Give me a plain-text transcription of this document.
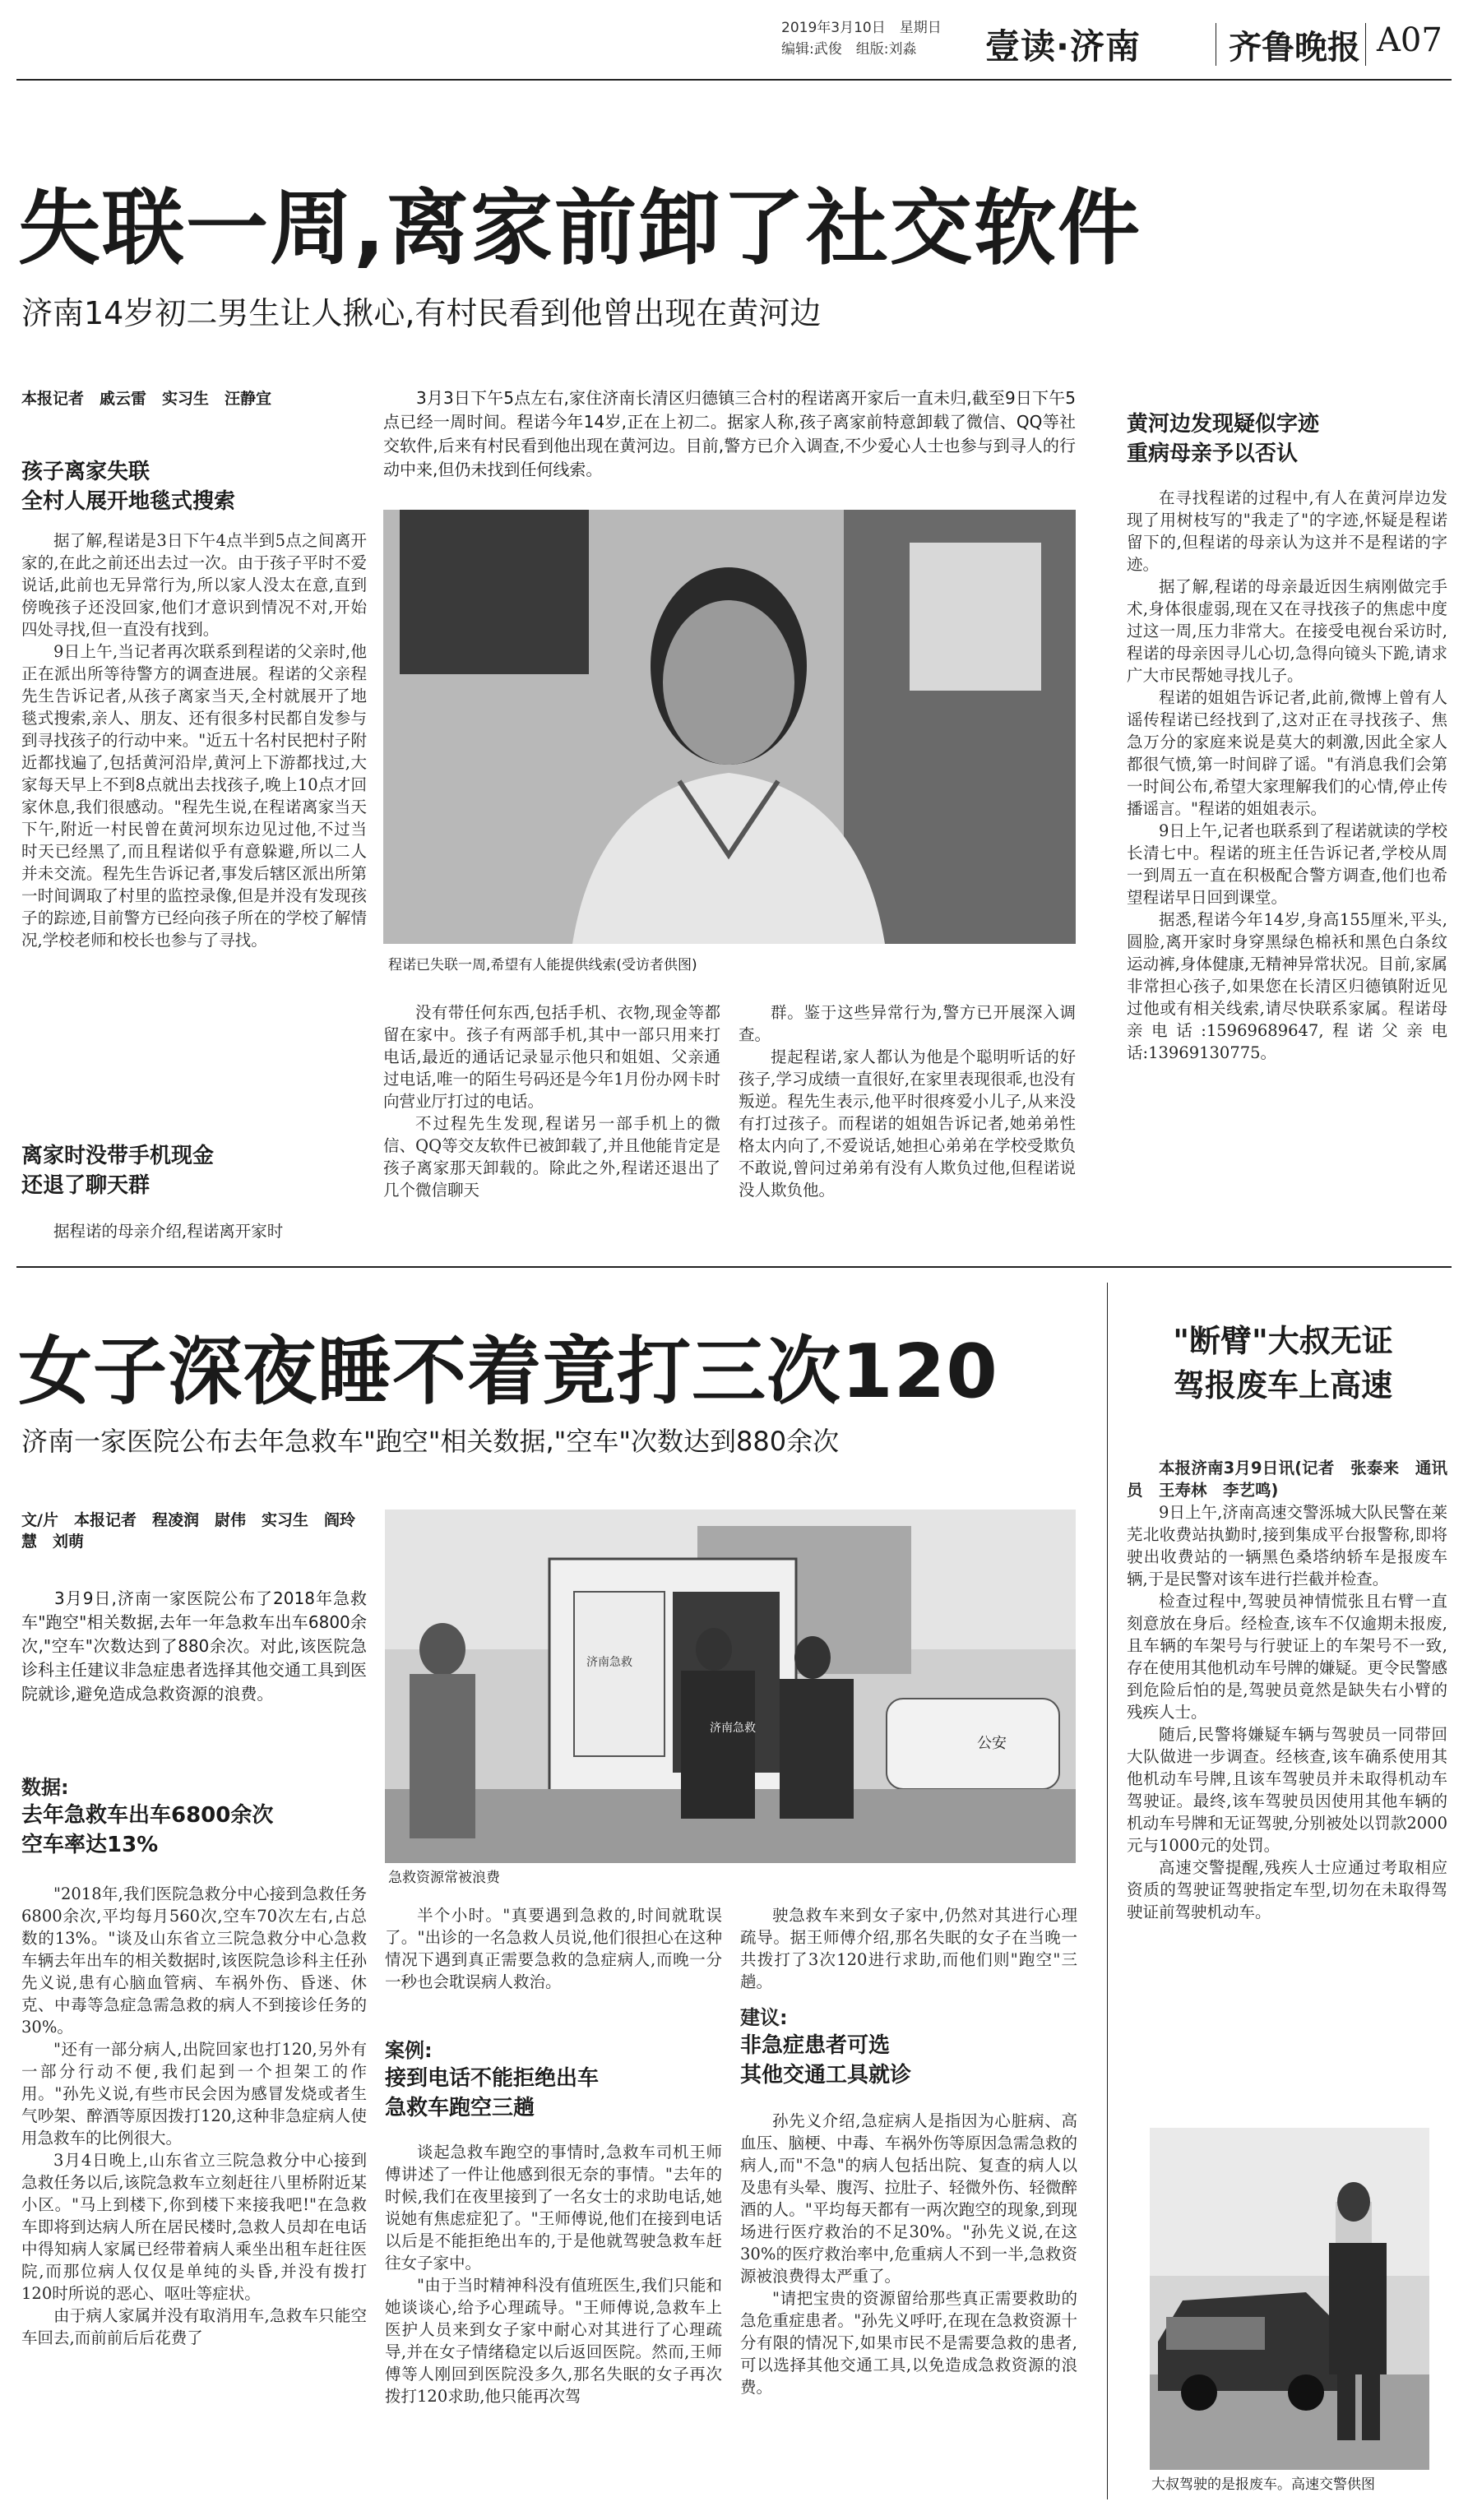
2019年3月10日　星期日
编辑:武俊　组版:刘淼 壹读·济南	齐鲁晚报 A07
失联一周,离家前卸了社交软件
济南14岁初二男生让人揪心,有村民看到他曾出现在黄河边
本报记者　戚云雷　实习生　汪静宜
孩子离家失联
全村人展开地毯式搜索

据了解,程诺是3日下午4点半到5点之间离开家的,在此之前还出去过一次。由于孩子平时不爱说话,此前也无异常行为,所以家人没太在意,直到傍晚孩子还没回家,他们才意识到情况不对,开始四处寻找,但一直没有找到。

9日上午,当记者再次联系到程诺的父亲时,他正在派出所等待警方的调查进展。程诺的父亲程先生告诉记者,从孩子离家当天,全村就展开了地毯式搜索,亲人、朋友、还有很多村民都自发参与到寻找孩子的行动中来。"近五十名村民把村子附近都找遍了,包括黄河沿岸,黄河上下游都找过,大家每天早上不到8点就出去找孩子,晚上10点才回家休息,我们很感动。"程先生说,在程诺离家当天下午,附近一村民曾在黄河坝东边见过他,不过当时天已经黑了,而且程诺似乎有意躲避,所以二人并未交流。程先生告诉记者,事发后辖区派出所第一时间调取了村里的监控录像,但是并没有发现孩子的踪迹,目前警方已经向孩子所在的学校了解情况,学校老师和校长也参与了寻找。

离家时没带手机现金
还退了聊天群

据程诺的母亲介绍,程诺离开家时

3月3日下午5点左右,家住济南长清区归德镇三合村的程诺离开家后一直未归,截至9日下午5点已经一周时间。程诺今年14岁,正在上初二。据家人称,孩子离家前特意卸载了微信、QQ等社交软件,后来有村民看到他出现在黄河边。目前,警方已介入调查,不少爱心人士也参与到寻人的行动中来,但仍未找到任何线索。

程诺已失联一周,希望有人能提供线索(受访者供图)

没有带任何东西,包括手机、衣物,现金等都留在家中。孩子有两部手机,其中一部只用来打电话,最近的通话记录显示他只和姐姐、父亲通过电话,唯一的陌生号码还是今年1月份办网卡时向营业厅打过的电话。

不过程先生发现,程诺另一部手机上的微信、QQ等交友软件已被卸载了,并且他能肯定是孩子离家那天卸载的。除此之外,程诺还退出了几个微信聊天

群。鉴于这些异常行为,警方已开展深入调查。

提起程诺,家人都认为他是个聪明听话的好孩子,学习成绩一直很好,在家里表现很乖,也没有叛逆。程先生表示,他平时很疼爱小儿子,从来没有打过孩子。而程诺的姐姐告诉记者,她弟弟性格太内向了,不爱说话,她担心弟弟在学校受欺负不敢说,曾问过弟弟有没有人欺负过他,但程诺说没人欺负他。

黄河边发现疑似字迹
重病母亲予以否认

在寻找程诺的过程中,有人在黄河岸边发现了用树枝写的"我走了"的字迹,怀疑是程诺留下的,但程诺的母亲认为这并不是程诺的字迹。

据了解,程诺的母亲最近因生病刚做完手术,身体很虚弱,现在又在寻找孩子的焦虑中度过这一周,压力非常大。在接受电视台采访时,程诺的母亲因寻儿心切,急得向镜头下跪,请求广大市民帮她寻找儿子。

程诺的姐姐告诉记者,此前,微博上曾有人谣传程诺已经找到了,这对正在寻找孩子、焦急万分的家庭来说是莫大的刺激,因此全家人都很气愤,第一时间辟了谣。"有消息我们会第一时间公布,希望大家理解我们的心情,停止传播谣言。"程诺的姐姐表示。

9日上午,记者也联系到了程诺就读的学校长清七中。程诺的班主任告诉记者,学校从周一到周五一直在积极配合警方调查,他们也希望程诺早日回到课堂。

据悉,程诺今年14岁,身高155厘米,平头,圆脸,离开家时身穿黑绿色棉袄和黑色白条纹运动裤,身体健康,无精神异常状况。目前,家属非常担心孩子,如果您在长清区归德镇附近见过他或有相关线索,请尽快联系家属。程诺母亲电话:15969689647,程诺父亲电话:13969130775。

女子深夜睡不着竟打三次120
济南一家医院公布去年急救车"跑空"相关数据,"空车"次数达到880余次
文/片　本报记者　程凌润　尉伟　实习生　阎玲慧　刘萌

3月9日,济南一家医院公布了2018年急救车"跑空"相关数据,去年一年急救车出车6800余次,"空车"次数达到了880余次。对此,该医院急诊科主任建议非急症患者选择其他交通工具到医院就诊,避免造成急救资源的浪费。

济南急救
济南急救
公安
急救资源常被浪费
数据:
去年急救车出车6800余次
空车率达13%

"2018年,我们医院急救分中心接到急救任务6800余次,平均每月560次,空车70次左右,占总数的13%。"谈及山东省立三院急救分中心急救车辆去年出车的相关数据时,该医院急诊科主任孙先义说,患有心脑血管病、车祸外伤、昏迷、休克、中毒等急症急需急救的病人不到接诊任务的30%。

"还有一部分病人,出院回家也打120,另外有一部分行动不便,我们起到一个担架工的作用。"孙先义说,有些市民会因为感冒发烧或者生气吵架、醉酒等原因拨打120,这种非急症病人使用急救车的比例很大。

3月4日晚上,山东省立三院急救分中心接到急救任务以后,该院急救车立刻赶往八里桥附近某小区。"马上到楼下,你到楼下来接我吧!"在急救车即将到达病人所在居民楼时,急救人员却在电话中得知病人家属已经带着病人乘坐出租车赶往医院,而那位病人仅仅是单纯的头昏,并没有拨打120时所说的恶心、呕吐等症状。

由于病人家属并没有取消用车,急救车只能空车回去,而前前后后花费了

半个小时。"真要遇到急救的,时间就耽误了。"出诊的一名急救人员说,他们很担心在这种情况下遇到真正需要急救的急症病人,而晚一分一秒也会耽误病人救治。

案例:
接到电话不能拒绝出车
急救车跑空三趟

谈起急救车跑空的事情时,急救车司机王师傅讲述了一件让他感到很无奈的事情。"去年的时候,我们在夜里接到了一名女士的求助电话,她说她有焦虑症犯了。"王师傅说,他们在接到电话以后是不能拒绝出车的,于是他就驾驶急救车赶往女子家中。

"由于当时精神科没有值班医生,我们只能和她谈谈心,给予心理疏导。"王师傅说,急救车上医护人员来到女子家中耐心对其进行了心理疏导,并在女子情绪稳定以后返回医院。然而,王师傅等人刚回到医院没多久,那名失眠的女子再次拨打120求助,他只能再次驾

驶急救车来到女子家中,仍然对其进行心理疏导。据王师傅介绍,那名失眠的女子在当晚一共拨打了3次120进行求助,而他们则"跑空"三趟。

建议:
非急症患者可选
其他交通工具就诊

孙先义介绍,急症病人是指因为心脏病、高血压、脑梗、中毒、车祸外伤等原因急需急救的病人,而"不急"的病人包括出院、复查的病人以及患有头晕、腹泻、拉肚子、轻微外伤、轻微醉酒的人。"平均每天都有一两次跑空的现象,到现场进行医疗救治的不足30%。"孙先义说,在这30%的医疗救治率中,危重病人不到一半,急救资源被浪费得太严重了。

"请把宝贵的资源留给那些真正需要救助的急危重症患者。"孙先义呼吁,在现在急救资源十分有限的情况下,如果市民不是需要急救的患者,可以选择其他交通工具,以免造成急救资源的浪费。

"断臂"大叔无证
驾报废车上高速

本报济南3月9日讯(记者　张泰来　通讯员　王寿林　李艺鸣)

9日上午,济南高速交警泺城大队民警在莱芜北收费站执勤时,接到集成平台报警称,即将驶出收费站的一辆黑色桑塔纳轿车是报废车辆,于是民警对该车进行拦截并检查。

检查过程中,驾驶员神情慌张且右臂一直刻意放在身后。经检查,该车不仅逾期未报废,且车辆的车架号与行驶证上的车架号不一致,存在使用其他机动车号牌的嫌疑。更令民警感到危险后怕的是,驾驶员竟然是缺失右小臂的残疾人士。

随后,民警将嫌疑车辆与驾驶员一同带回大队做进一步调查。经核查,该车确系使用其他机动车号牌,且该车驾驶员并未取得机动车驾驶证。最终,该车驾驶员因使用其他车辆的机动车号牌和无证驾驶,分别被处以罚款2000元与1000元的处罚。

高速交警提醒,残疾人士应通过考取相应资质的驾驶证驾驶指定车型,切勿在未取得驾驶证前驾驶机动车。

大叔驾驶的是报废车。高速交警供图
